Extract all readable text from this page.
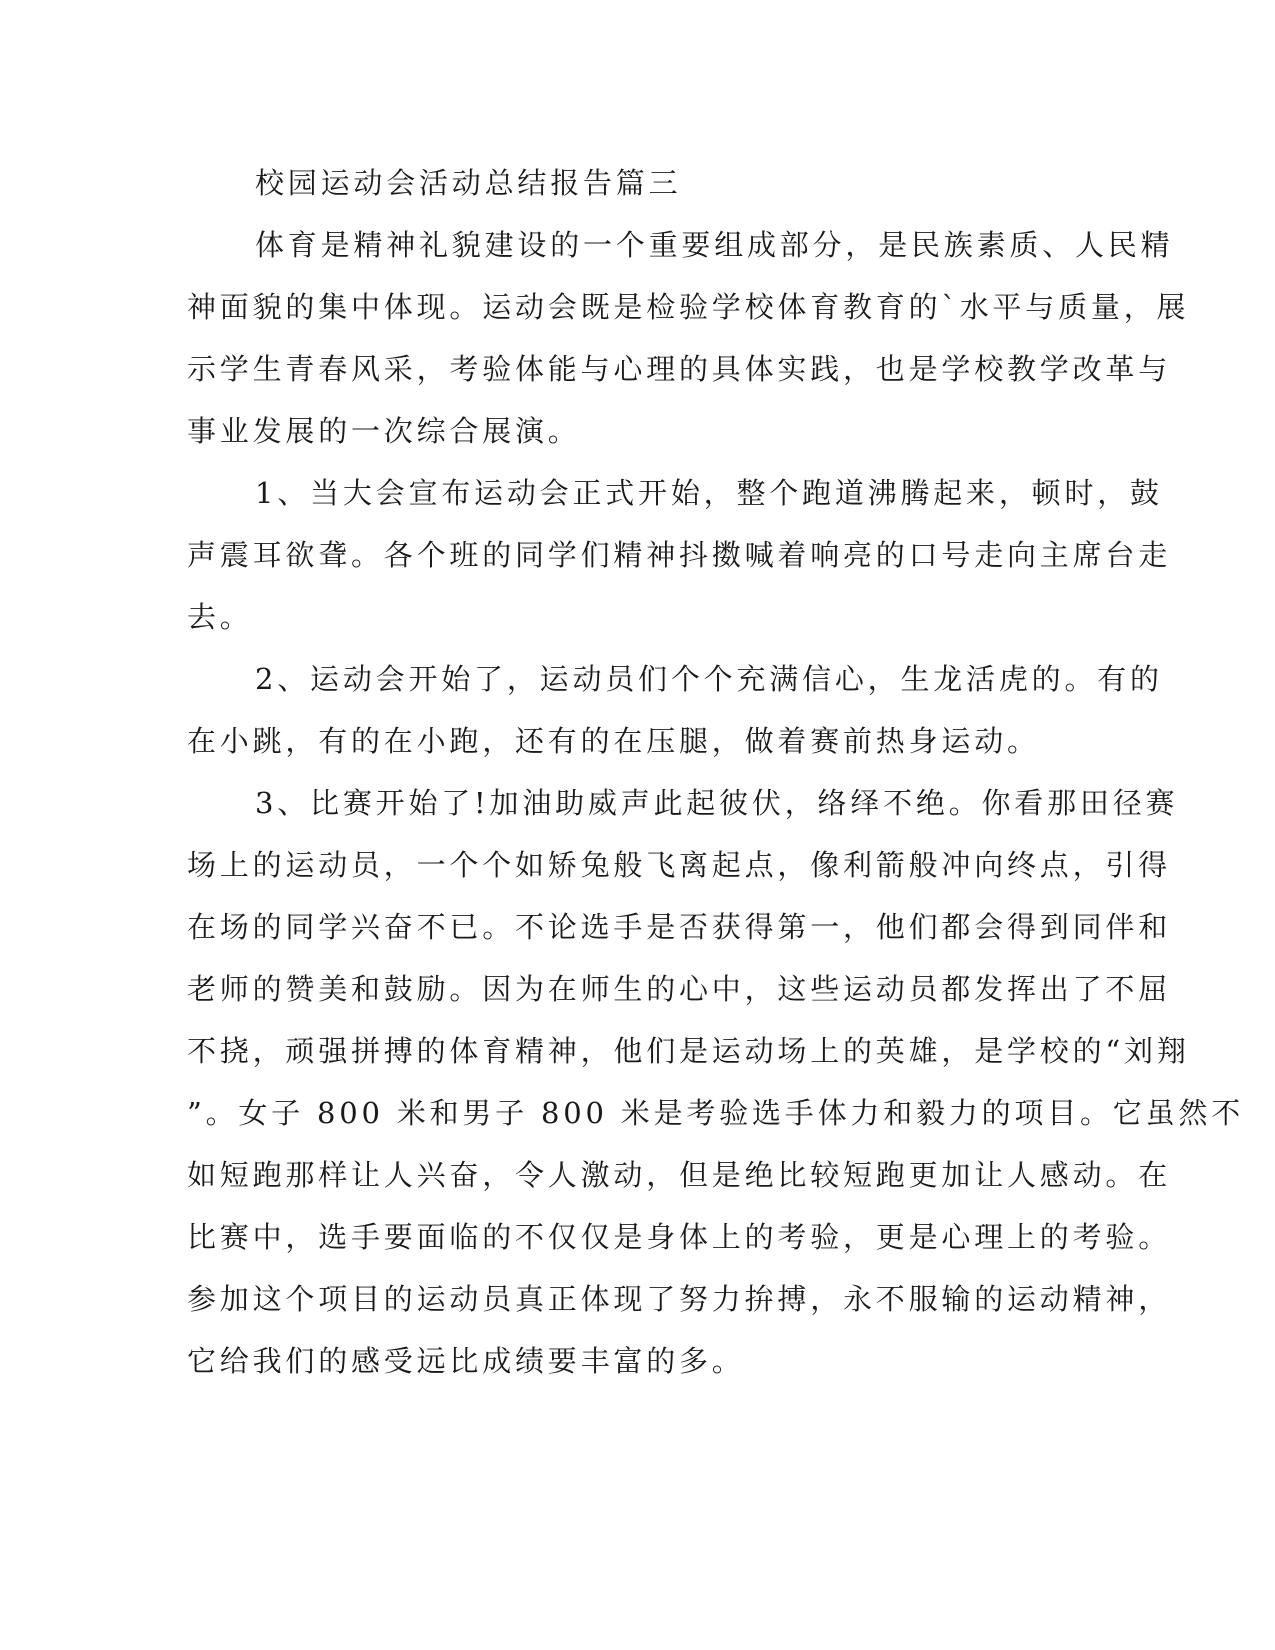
校园运动会活动总结报告篇三
体育是精神礼貌建设的一个重要组成部分，是民族素质、人民精
神面貌的集中体现。运动会既是检验学校体育教育的`水平与质量，展
示学生青春风采，考验体能与心理的具体实践，也是学校教学改革与
事业发展的一次综合展演。
1、当大会宣布运动会正式开始，整个跑道沸腾起来，顿时，鼓
声震耳欲聋。各个班的同学们精神抖擞喊着响亮的口号走向主席台走
去。
2、运动会开始了，运动员们个个充满信心，生龙活虎的。有的
在小跳，有的在小跑，还有的在压腿，做着赛前热身运动。
3、比赛开始了!加油助威声此起彼伏，络绎不绝。你看那田径赛
场上的运动员，一个个如矫兔般飞离起点，像利箭般冲向终点，引得
在场的同学兴奋不已。不论选手是否获得第一，他们都会得到同伴和
老师的赞美和鼓励。因为在师生的心中，这些运动员都发挥出了不屈
不挠，顽强拼搏的体育精神，他们是运动场上的英雄，是学校的“刘翔
”。女子 800 米和男子 800 米是考验选手体力和毅力的项目。它虽然不
如短跑那样让人兴奋，令人激动，但是绝比较短跑更加让人感动。在
比赛中，选手要面临的不仅仅是身体上的考验，更是心理上的考验。
参加这个项目的运动员真正体现了努力拚搏，永不服输的运动精神，
它给我们的感受远比成绩要丰富的多。
